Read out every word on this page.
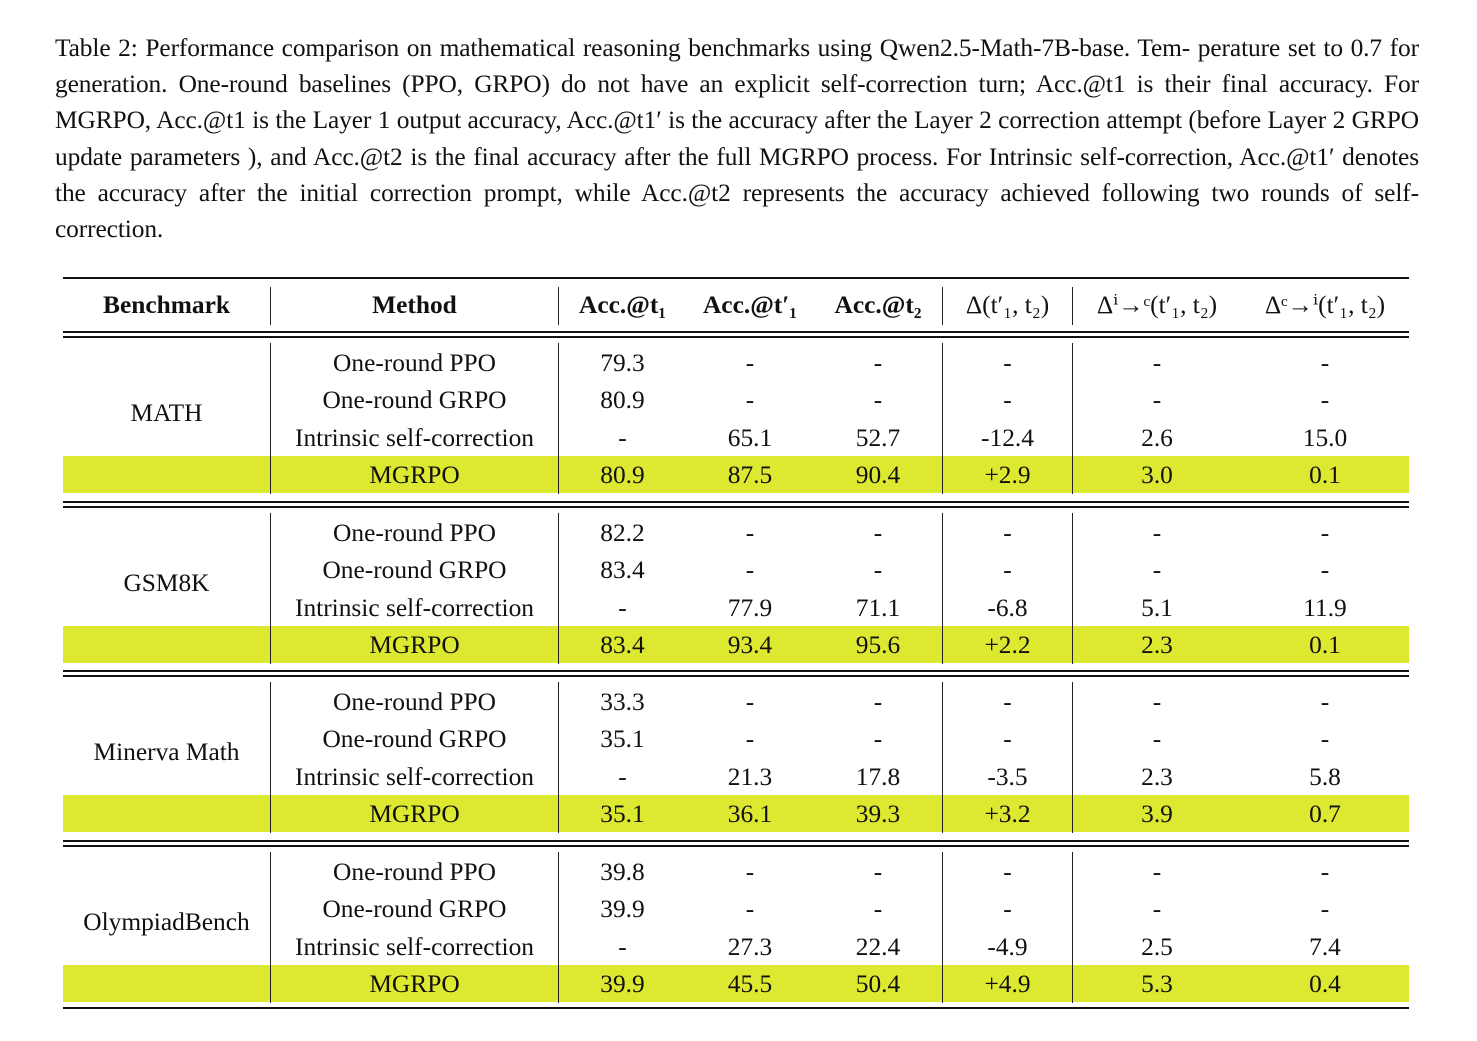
Table 2: Performance comparison on mathematical reasoning benchmarks using Qwen2.5-Math-7B-base. Tem- perature set to 0.7 for generation. One-round baselines (PPO, GRPO) do not have an explicit self-correction turn; Acc.@t1 is their final accuracy. For MGRPO, Acc.@t1 is the Layer 1 output accuracy, Acc.@t1′ is the accuracy after the Layer 2 correction attempt (before Layer 2 GRPO update parameters ), and Acc.@t2 is the final accuracy after the full MGRPO process. For Intrinsic self-correction, Acc.@t1′ denotes the accuracy after the initial correction prompt, while Acc.@t2 represents the accuracy achieved following two rounds of self-correction.
Benchmark	Method	Acc.@t₁	Acc.@t′₁	Acc.@t₂	Δ(t′₁, t₂)	Δⁱ→ᶜ(t′₁, t₂)	Δᶜ→ⁱ(t′₁, t₂)
MATH
One-round PPO	79.3	-	-	-	-	-
One-round GRPO	80.9	-	-	-	-	-
Intrinsic self-correction	-	65.1	52.7	-12.4	2.6	15.0
MGRPO	80.9	87.5	90.4	+2.9	3.0	0.1
GSM8K
One-round PPO	82.2	-	-	-	-	-
One-round GRPO	83.4	-	-	-	-	-
Intrinsic self-correction	-	77.9	71.1	-6.8	5.1	11.9
MGRPO	83.4	93.4	95.6	+2.2	2.3	0.1
Minerva Math
One-round PPO	33.3	-	-	-	-	-
One-round GRPO	35.1	-	-	-	-	-
Intrinsic self-correction	-	21.3	17.8	-3.5	2.3	5.8
MGRPO	35.1	36.1	39.3	+3.2	3.9	0.7
OlympiadBench
One-round PPO	39.8	-	-	-	-	-
One-round GRPO	39.9	-	-	-	-	-
Intrinsic self-correction	-	27.3	22.4	-4.9	2.5	7.4
MGRPO	39.9	45.5	50.4	+4.9	5.3	0.4
